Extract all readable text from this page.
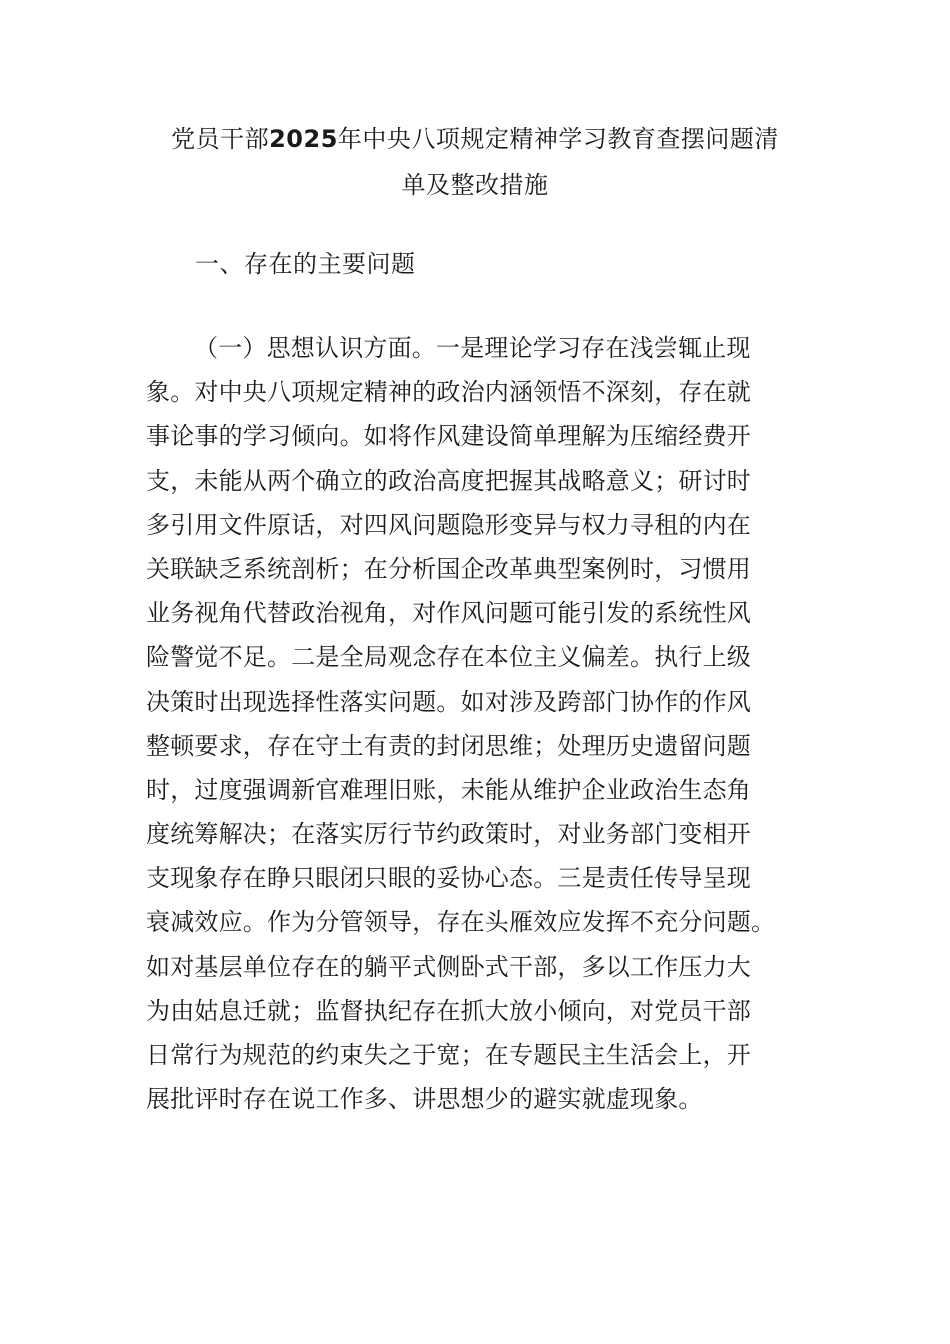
党员干部2025年中央八项规定精神学习教育查摆问题清
单及整改措施
一、存在的主要问题
（一）思想认识方面。一是理论学习存在浅尝辄止现
象。对中央八项规定精神的政治内涵领悟不深刻，存在就
事论事的学习倾向。如将作风建设简单理解为压缩经费开
支，未能从两个确立的政治高度把握其战略意义；研讨时
多引用文件原话，对四风问题隐形变异与权力寻租的内在
关联缺乏系统剖析；在分析国企改革典型案例时，习惯用
业务视角代替政治视角，对作风问题可能引发的系统性风
险警觉不足。二是全局观念存在本位主义偏差。执行上级
决策时出现选择性落实问题。如对涉及跨部门协作的作风
整顿要求，存在守土有责的封闭思维；处理历史遗留问题
时，过度强调新官难理旧账，未能从维护企业政治生态角
度统筹解决；在落实厉行节约政策时，对业务部门变相开
支现象存在睁只眼闭只眼的妥协心态。三是责任传导呈现
衰减效应。作为分管领导，存在头雁效应发挥不充分问题。
如对基层单位存在的躺平式侧卧式干部，多以工作压力大
为由姑息迁就；监督执纪存在抓大放小倾向，对党员干部
日常行为规范的约束失之于宽；在专题民主生活会上，开
展批评时存在说工作多、讲思想少的避实就虚现象。
